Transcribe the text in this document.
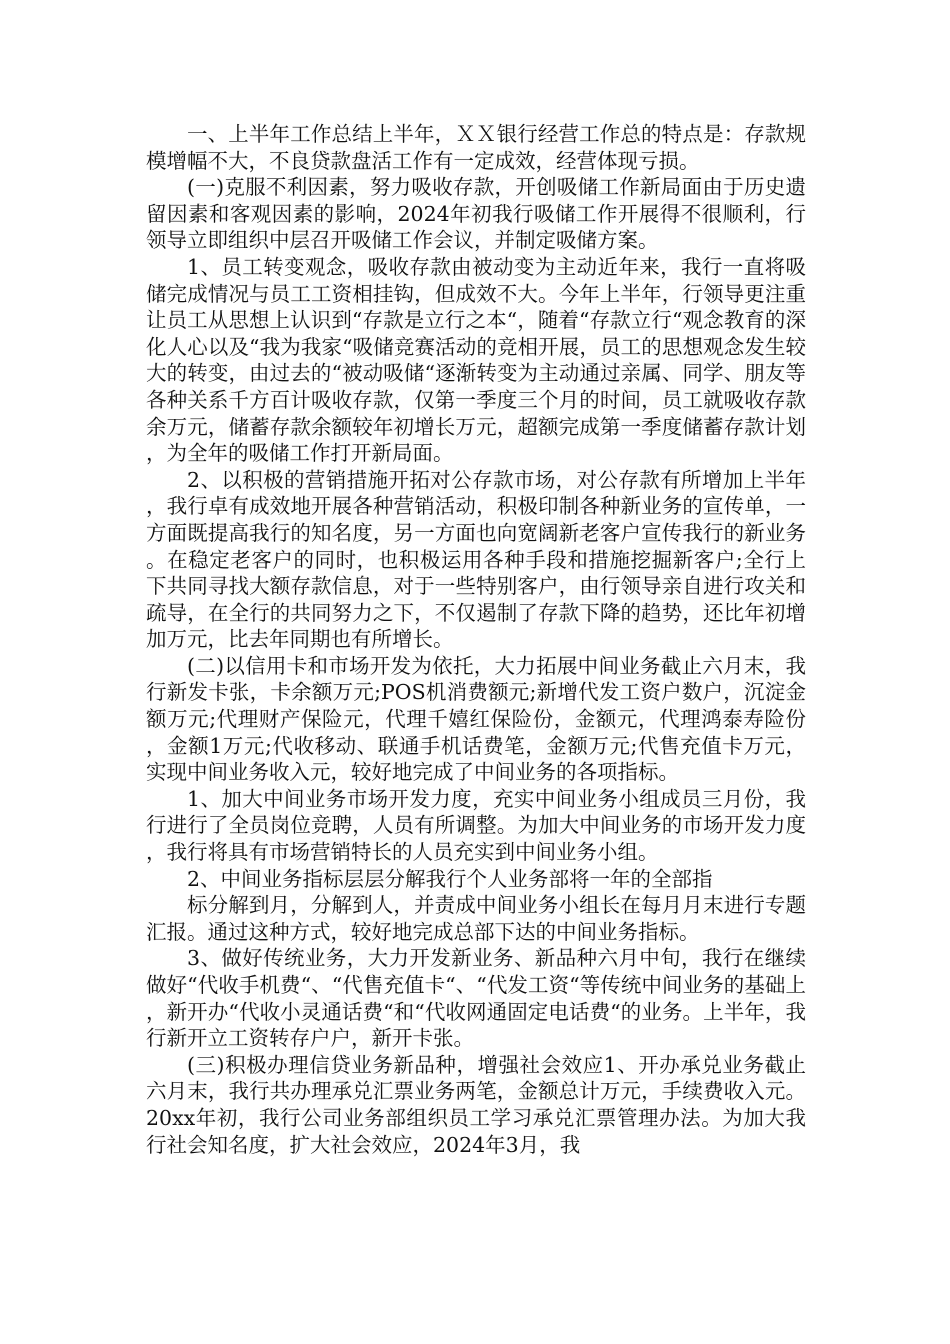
一、上半年工作总结上半年，ＸＸ银行经营工作总的特点是：存款规模增幅不大，不良贷款盘活工作有一定成效，经营体现亏损。

(一)克服不利因素，努力吸收存款，开创吸储工作新局面由于历史遗留因素和客观因素的影响，2024年初我行吸储工作开展得不很顺利，行领导立即组织中层召开吸储工作会议，并制定吸储方案。

1、员工转变观念，吸收存款由被动变为主动近年来，我行一直将吸储完成情况与员工工资相挂钩，但成效不大。今年上半年，行领导更注重让员工从思想上认识到“存款是立行之本“，随着“存款立行“观念教育的深化人心以及“我为我家“吸储竞赛活动的竞相开展，员工的思想观念发生较大的转变，由过去的“被动吸储“逐渐转变为主动通过亲属、同学、朋友等各种关系千方百计吸收存款，仅第一季度三个月的时间，员工就吸收存款余万元，储蓄存款余额较年初增长万元，超额完成第一季度储蓄存款计划，为全年的吸储工作打开新局面。

2、以积极的营销措施开拓对公存款市场，对公存款有所增加上半年，我行卓有成效地开展各种营销活动，积极印制各种新业务的宣传单，一方面既提高我行的知名度，另一方面也向宽阔新老客户宣传我行的新业务。在稳定老客户的同时，也积极运用各种手段和措施挖掘新客户;全行上下共同寻找大额存款信息，对于一些特别客户，由行领导亲自进行攻关和疏导，在全行的共同努力之下，不仅遏制了存款下降的趋势，还比年初增加万元，比去年同期也有所增长。

(二)以信用卡和市场开发为依托，大力拓展中间业务截止六月末，我行新发卡张，卡余额万元;POS机消费额元;新增代发工资户数户，沉淀金额万元;代理财产保险元，代理千嬉红保险份，金额元，代理鸿泰寿险份，金额1万元;代收移动、联通手机话费笔，金额万元;代售充值卡万元，实现中间业务收入元，较好地完成了中间业务的各项指标。

1、加大中间业务市场开发力度，充实中间业务小组成员三月份，我行进行了全员岗位竞聘，人员有所调整。为加大中间业务的市场开发力度，我行将具有市场营销特长的人员充实到中间业务小组。

2、中间业务指标层层分解我行个人业务部将一年的全部指

标分解到月，分解到人，并责成中间业务小组长在每月月末进行专题汇报。通过这种方式，较好地完成总部下达的中间业务指标。

3、做好传统业务，大力开发新业务、新品种六月中旬，我行在继续做好“代收手机费“、“代售充值卡“、“代发工资“等传统中间业务的基础上，新开办“代收小灵通话费“和“代收网通固定电话费“的业务。上半年，我行新开立工资转存户户，新开卡张。

(三)积极办理信贷业务新品种，增强社会效应1、开办承兑业务截止六月末，我行共办理承兑汇票业务两笔，金额总计万元，手续费收入元。20xx年初，我行公司业务部组织员工学习承兑汇票管理办法。为加大我行社会知名度，扩大社会效应，2024年3月，我
